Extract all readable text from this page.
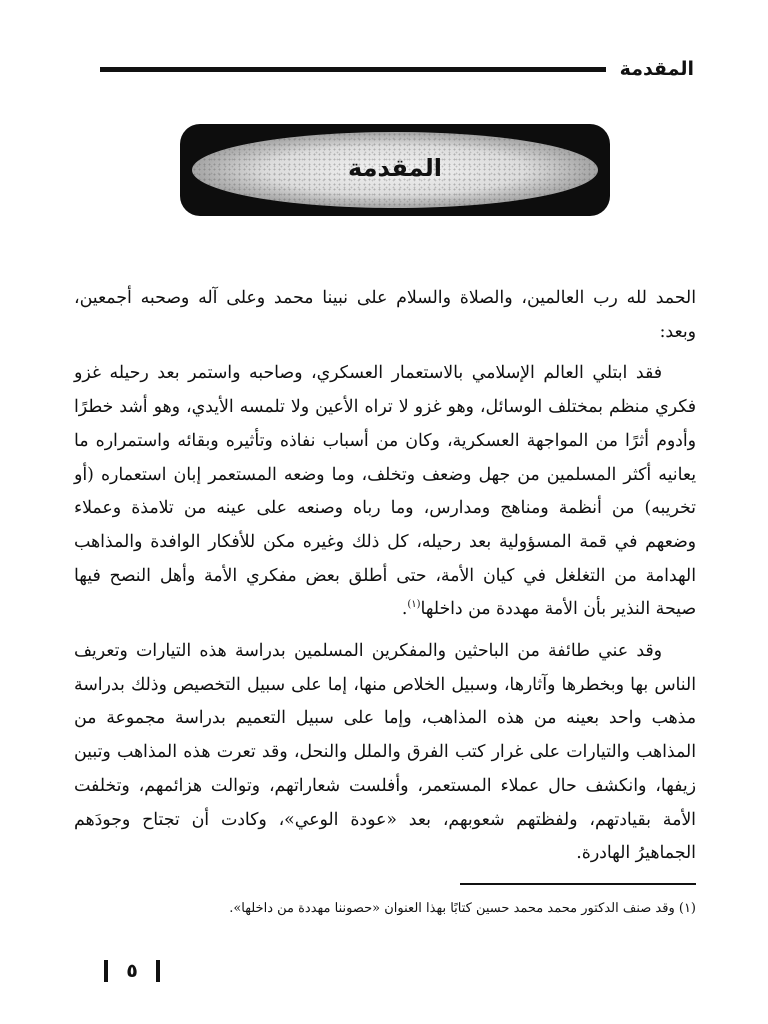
المقدمة
المقدمة

الحمد لله رب العالمين، والصلاة والسلام على نبينا محمد وعلى آله وصحبه أجمعين، وبعد:

فقد ابتلي العالم الإسلامي بالاستعمار العسكري، وصاحبه واستمر بعد رحيله غزو فكري منظم بمختلف الوسائل، وهو غزو لا تراه الأعين ولا تلمسه الأيدي، وهو أشد خطرًا وأدوم أثرًا من المواجهة العسكرية، وكان من أسباب نفاذه وتأثيره وبقائه واستمراره ما يعانيه أكثر المسلمين من جهل وضعف وتخلف، وما وضعه المستعمر إبان استعماره (أو تخريبه) من أنظمة ومناهج ومدارس، وما رباه وصنعه على عينه من تلامذة وعملاء وضعهم في قمة المسؤولية بعد رحيله، كل ذلك وغيره مكن للأفكار الوافدة والمذاهب الهدامة من التغلغل في كيان الأمة، حتى أطلق بعض مفكري الأمة وأهل النصح فيها صيحة النذير بأن الأمة مهددة من داخلها$^{(١)}$.

وقد عني طائفة من الباحثين والمفكرين المسلمين بدراسة هذه التيارات وتعريف الناس بها وبخطرها وآثارها، وسبيل الخلاص منها، إما على سبيل التخصيص وذلك بدراسة مذهب واحد بعينه من هذه المذاهب، وإما على سبيل التعميم بدراسة مجموعة من المذاهب والتيارات على غرار كتب الفرق والملل والنحل، وقد تعرت هذه المذاهب وتبين زيفها، وانكشف حال عملاء المستعمر، وأفلست شعاراتهم، وتوالت هزائمهم، وتخلفت الأمة بقيادتهم، ولفظتهم شعوبهم، بعد «عودة الوعي»، وكادت أن تجتاح وجودَهم الجماهيرُ الهادرة.

(١) وقد صنف الدكتور محمد محمد حسين كتابًا بهذا العنوان «حصوننا مهددة من داخلها».
٥
